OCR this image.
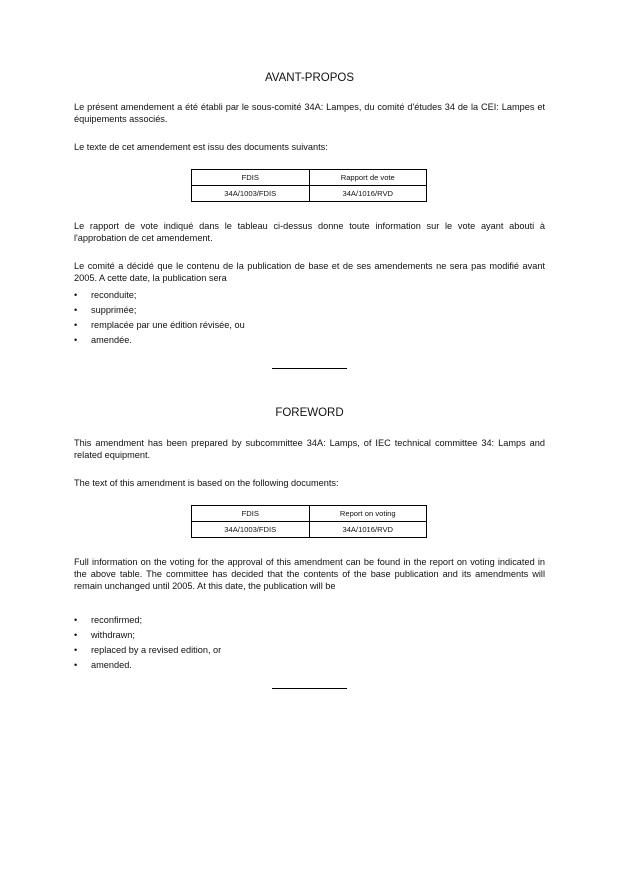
AVANT-PROPOS
Le présent amendement a été établi par le sous-comité 34A: Lampes, du comité d'études 34 de la CEI: Lampes et équipements associés.
Le texte de cet amendement est issu des documents suivants:
FDIS	Rapport de vote
34A/1003/FDIS	34A/1016/RVD
Le rapport de vote indiqué dans le tableau ci-dessus donne toute information sur le vote ayant abouti à l'approbation de cet amendement.
Le comité a décidé que le contenu de la publication de base et de ses amendements ne sera pas modifié avant 2005. A cette date, la publication sera
• reconduite;
• supprimée;
• remplacée par une édition révisée, ou
• amendée.
FOREWORD
This amendment has been prepared by subcommittee 34A: Lamps, of IEC technical committee 34: Lamps and related equipment.
The text of this amendment is based on the following documents:
FDIS	Report on voting
34A/1003/FDIS	34A/1016/RVD
Full information on the voting for the approval of this amendment can be found in the report on voting indicated in the above table. The committee has decided that the contents of the base publication and its amendments will remain unchanged until 2005. At this date, the publication will be
• reconfirmed;
• withdrawn;
• replaced by a revised edition, or
• amended.
